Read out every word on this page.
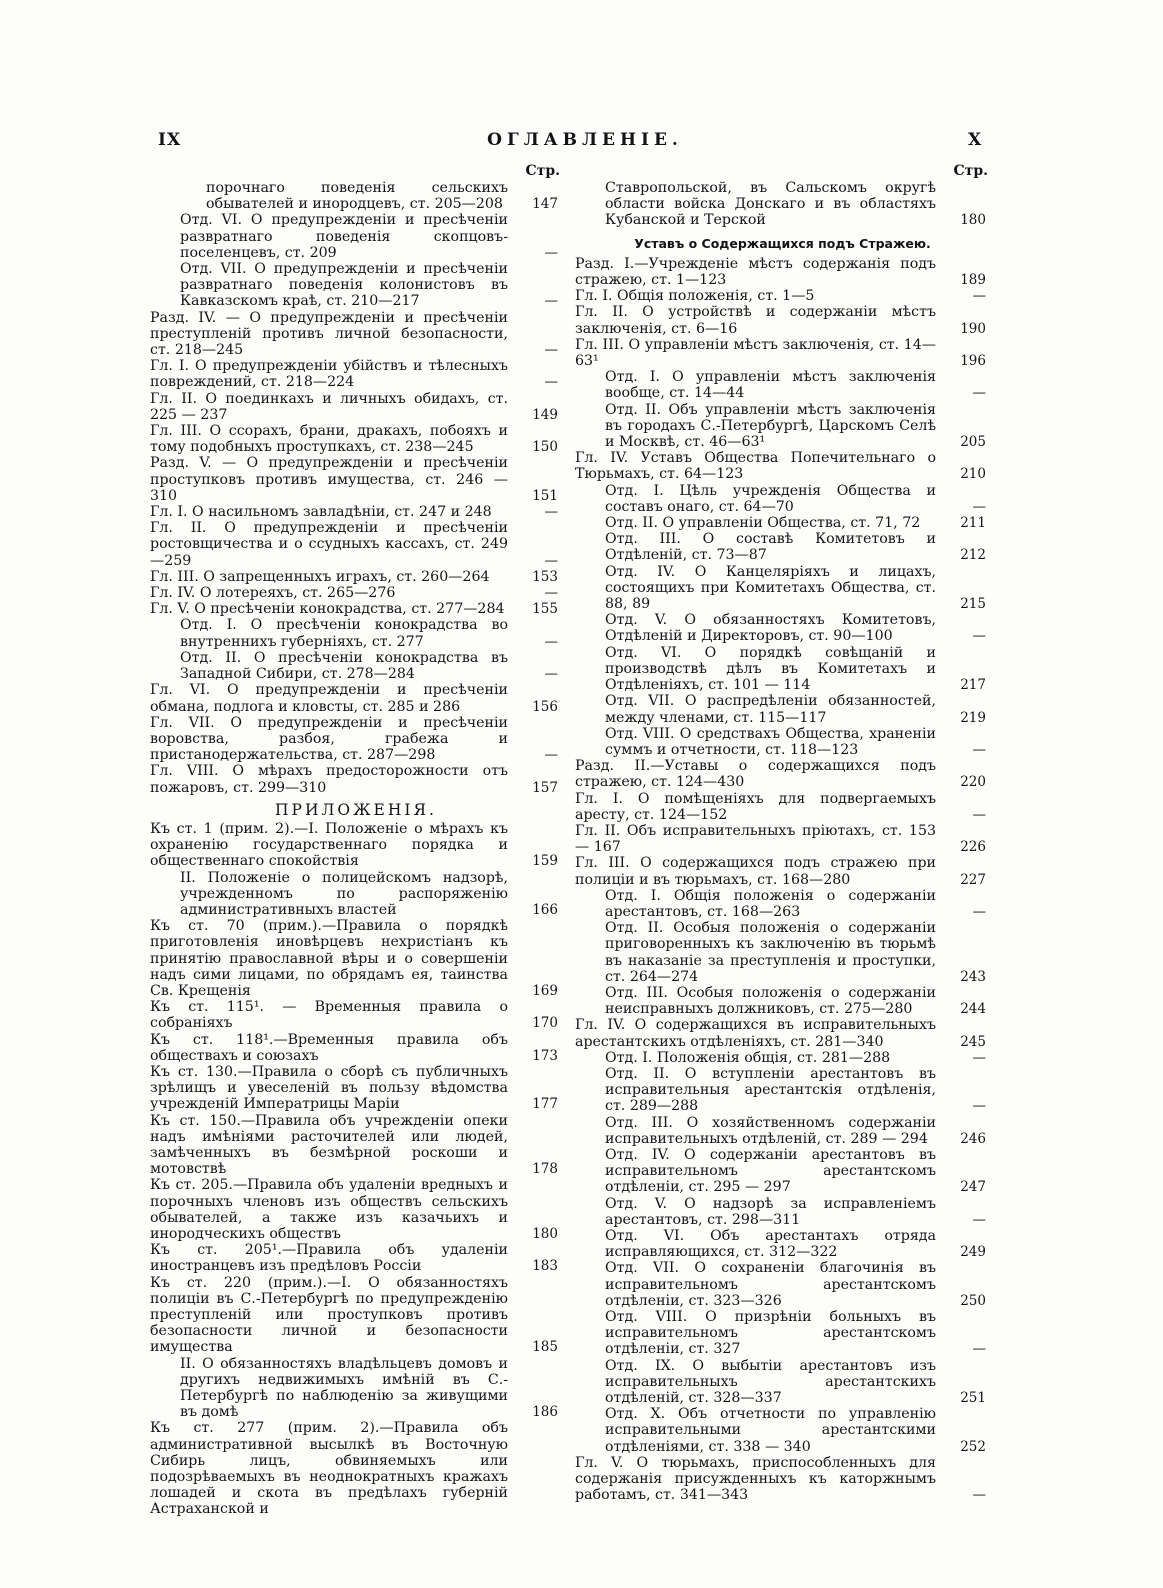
IX	ОГЛАВЛЕНІЕ.	X
Стр.
порочнаго поведенія сельскихъ обывателей и инородцевъ, ст. 205—208	147
Отд. VI. О предупрежденіи и пресѣченіи развратнаго поведенія скопцовъ-поселенцевъ, ст. 209	—
Отд. VII. О предупрежденіи и пресѣченіи развратнаго поведенія колонистовъ въ Кавказскомъ краѣ, ст. 210—217	—
Разд. IV. — О предупрежденіи и пресѣченіи преступленій противъ личной безопасности, ст. 218—245	—
Гл. I. О предупрежденіи убійствъ и тѣлесныхъ повреждений, ст. 218—224	—
Гл. II. О поединкахъ и личныхъ обидахъ, ст. 225 — 237	149
Гл. III. О ссорахъ, брани, дракахъ, побояхъ и тому подобныхъ проступкахъ, ст. 238—245	150
Разд. V. — О предупрежденіи и пресѣченіи проступковъ противъ имущества, ст. 246 — 310	151
Гл. I. О насильномъ завладѣніи, ст. 247 и 248	—
Гл. II. О предупрежденіи и пресѣченіи ростовщичества и о ссудныхъ кассахъ, ст. 249—259	—
Гл. III. О запрещенныхъ играхъ, ст. 260—264	153
Гл. IV. О лотереяхъ, ст. 265—276	—
Гл. V. О пресѣченіи конокрадства, ст. 277—284	155
Отд. I. О пресѣченіи конокрадства во внутреннихъ губерніяхъ, ст. 277	—
Отд. II. О пресѣченіи конокрадства въ Западной Сибири, ст. 278—284	—
Гл. VI. О предупрежденіи и пресѣченіи обмана, подлога и кловсты, ст. 285 и 286	156
Гл. VII. О предупрежденіи и пресѣченіи воровства, разбоя, грабежа и пристанодержательства, ст. 287—298	—
Гл. VIII. О мѣрахъ предосторожности отъ пожаровъ, ст. 299—310	157
ПРИЛОЖЕНІЯ.
Къ ст. 1 (прим. 2).—I. Положеніе о мѣрахъ къ охраненію государственнаго порядка и общественнаго спокойствія	159
II. Положеніе о полицейскомъ надзорѣ, учрежденномъ по распоряженію административныхъ властей	166
Къ ст. 70 (прим.).—Правила о порядкѣ приготовленія иновѣрцевъ нехристіанъ къ принятію православной вѣры и о совершеніи надъ сими лицами, по обрядамъ ея, таинства Св. Крещенія	169
Къ ст. 115¹. — Временныя правила о собраніяхъ	170
Къ ст. 118¹.—Временныя правила объ обществахъ и союзахъ	173
Къ ст. 130.—Правила о сборѣ съ публичныхъ зрѣлищъ и увеселеній въ пользу вѣдомства учрежденій Императрицы Маріи	177
Къ ст. 150.—Правила объ учрежденіи опеки надъ имѣніями расточителей или людей, замѣченныхъ въ безмѣрной роскоши и мотовствѣ	178
Къ ст. 205.—Правила объ удаленіи вредныхъ и порочныхъ членовъ изъ обществъ сельскихъ обывателей, а также изъ казачьихъ и инородческихъ обществъ	180
Къ ст. 205¹.—Правила объ удаленіи иностранцевъ изъ предѣловъ Россіи	183
Къ ст. 220 (прим.).—I. О обязанностяхъ полиціи въ С.-Петербургѣ по предупрежденію преступленій или проступковъ противъ безопасности личной и безопасности имущества	185
II. О обязанностяхъ владѣльцевъ домовъ и другихъ недвижимыхъ имѣній въ С.-Петербургѣ по наблюденію за живущими въ домѣ	186
Къ ст. 277 (прим. 2).—Правила объ административной высылкѣ въ Восточную Сибирь лицъ, обвиняемыхъ или подозрѣваемыхъ въ неоднократныхъ кражахъ лошадей и скота въ предѣлахъ губерній Астраханской и
Стр.
Ставропольской, въ Сальскомъ округѣ области войска Донскаго и въ областяхъ Кубанской и Терской	180
Уставъ о Содержащихся подъ Стражею.
Разд. I.—Учрежденіе мѣстъ содержанія подъ стражею, ст. 1—123	189
Гл. I. Общія положенія, ст. 1—5	—
Гл. II. О устройствѣ и содержаніи мѣстъ заключенія, ст. 6—16	190
Гл. III. О управленіи мѣстъ заключенія, ст. 14—63¹	196
Отд. I. О управленіи мѣстъ заключенія вообще, ст. 14—44	—
Отд. II. Объ управленіи мѣстъ заключенія въ городахъ С.-Петербургѣ, Царскомъ Селѣ и Москвѣ, ст. 46—63¹	205
Гл. IV. Уставъ Общества Попечительнаго о Тюрьмахъ, ст. 64—123	210
Отд. I. Цѣль учрежденія Общества и составъ онаго, ст. 64—70	—
Отд. II. О управленіи Общества, ст. 71, 72	211
Отд. III. О составѣ Комитетовъ и Отдѣленій, ст. 73—87	212
Отд. IV. О Канцеляріяхъ и лицахъ, состоящихъ при Комитетахъ Общества, ст. 88, 89	215
Отд. V. О обязанностяхъ Комитетовъ, Отдѣленій и Директоровъ, ст. 90—100	—
Отд. VI. О порядкѣ совѣщаній и производствѣ дѣлъ въ Комитетахъ и Отдѣленіяхъ, ст. 101 — 114	217
Отд. VII. О распредѣленіи обязанностей, между членами, ст. 115—117	219
Отд. VIII. О средствахъ Общества, храненіи суммъ и отчетности, ст. 118—123	—
Разд. II.—Уставы о содержащихся подъ стражею, ст. 124—430	220
Гл. I. О помѣщеніяхъ для подвергаемыхъ аресту, ст. 124—152	—
Гл. II. Объ исправительныхъ пріютахъ, ст. 153 — 167	226
Гл. III. О содержащихся подъ стражею при полиціи и въ тюрьмахъ, ст. 168—280	227
Отд. I. Общія положенія о содержаніи арестантовъ, ст. 168—263	—
Отд. II. Особыя положенія о содержаніи приговоренныхъ къ заключенію въ тюрьмѣ въ наказаніе за преступленія и проступки, ст. 264—274	243
Отд. III. Особыя положенія о содержаніи неисправныхъ должниковъ, ст. 275—280	244
Гл. IV. О содержащихся въ исправительныхъ арестантскихъ отдѣленіяхъ, ст. 281—340	245
Отд. I. Положенія общія, ст. 281—288	—
Отд. II. О вступленіи арестантовъ въ исправительныя арестантскія отдѣленія, ст. 289—288	—
Отд. III. О хозяйственномъ содержаніи исправительныхъ отдѣленій, ст. 289 — 294	246
Отд. IV. О содержаніи арестантовъ въ исправительномъ арестантскомъ отдѣленіи, ст. 295 — 297	247
Отд. V. О надзорѣ за исправленіемъ арестантовъ, ст. 298—311	—
Отд. VI. Объ арестантахъ отряда исправляющихся, ст. 312—322	249
Отд. VII. О сохраненіи благочинія въ исправительномъ арестантскомъ отдѣленіи, ст. 323—326	250
Отд. VIII. О призрѣніи больныхъ въ исправительномъ арестантскомъ отдѣленіи, ст. 327	—
Отд. IX. О выбытіи арестантовъ изъ исправительныхъ арестантскихъ отдѣленій, ст. 328—337	251
Отд. X. Объ отчетности по управленію исправительными арестантскими отдѣленіями, ст. 338 — 340	252
Гл. V. О тюрьмахъ, приспособленныхъ для содержанія присужденныхъ къ каторжнымъ работамъ, ст. 341—343	—
